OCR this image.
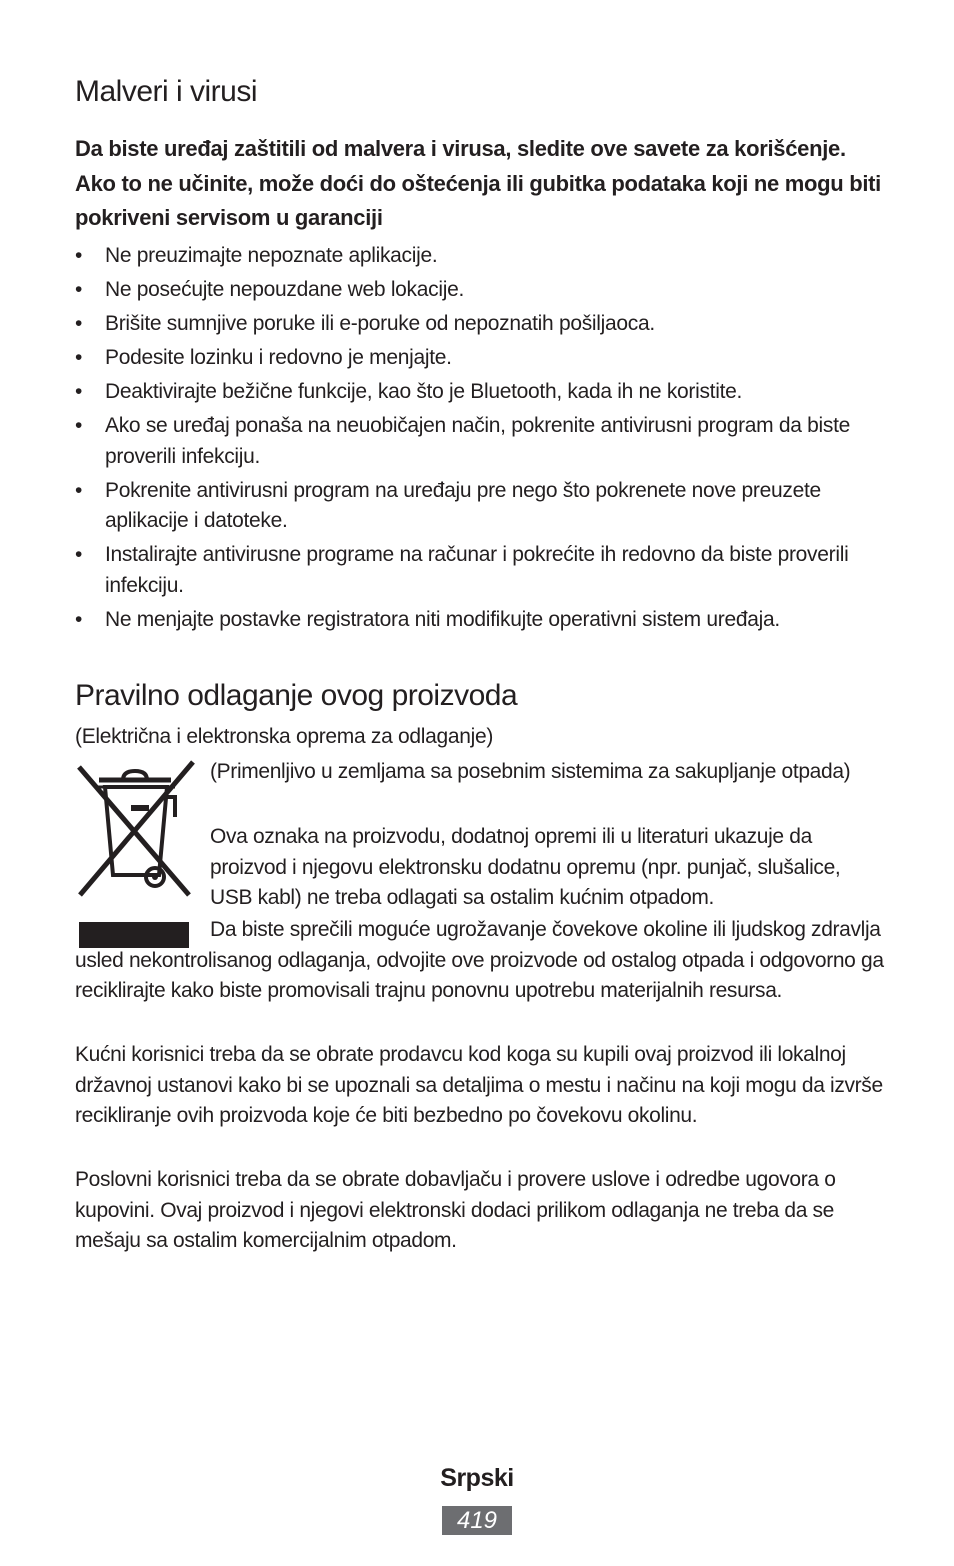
Malveri i virusi

Da biste uređaj zaštitili od malvera i virusa, sledite ove savete za korišćenje. Ako to ne učinite, može doći do oštećenja ili gubitka podataka koji ne mogu biti pokriveni servisom u garanciji

• Ne preuzimajte nepoznate aplikacije.
• Ne posećujte nepouzdane web lokacije.
• Brišite sumnjive poruke ili e-poruke od nepoznatih pošiljaoca.
• Podesite lozinku i redovno je menjajte.
• Deaktivirajte bežične funkcije, kao što je Bluetooth, kada ih ne koristite.
• Ako se uređaj ponaša na neuobičajen način, pokrenite antivirusni program da biste proverili infekciju.
• Pokrenite antivirusni program na uređaju pre nego što pokrenete nove preuzete aplikacije i datoteke.
• Instalirajte antivirusne programe na računar i pokrećite ih redovno da biste proverili infekciju.
• Ne menjajte postavke registratora niti modifikujte operativni sistem uređaja.
Pravilno odlaganje ovog proizvoda

(Električna i elektronska oprema za odlaganje)

(Primenljivo u zemljama sa posebnim sistemima za sakupljanje otpada)

Ova oznaka na proizvodu, dodatnoj opremi ili u literaturi ukazuje da proizvod i njegovu elektronsku dodatnu opremu (npr. punjač, slušalice, USB kabl) ne treba odlagati sa ostalim kućnim otpadom.

Da biste sprečili moguće ugrožavanje čovekove okoline ili ljudskog zdravlja usled nekontrolisanog odlaganja, odvojite ove proizvode od ostalog otpada i odgovorno ga reciklirajte kako biste promovisali trajnu ponovnu upotrebu materijalnih resursa.

Kućni korisnici treba da se obrate prodavcu kod koga su kupili ovaj proizvod ili lokalnoj državnoj ustanovi kako bi se upoznali sa detaljima o mestu i načinu na koji mogu da izvrše recikliranje ovih proizvoda koje će biti bezbedno po čovekovu okolinu.

Poslovni korisnici treba da se obrate dobavljaču i provere uslove i odredbe ugovora o kupovini. Ovaj proizvod i njegovi elektronski dodaci prilikom odlaganja ne treba da se mešaju sa ostalim komercijalnim otpadom.

Srpski
419
